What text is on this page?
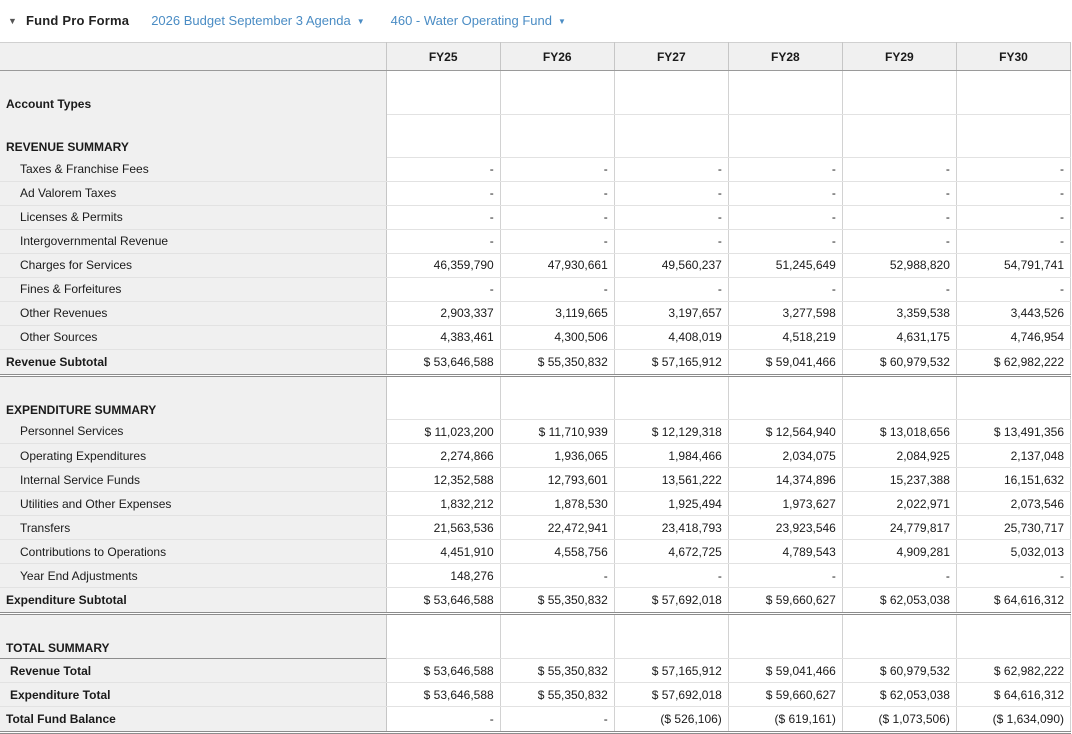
▼ Fund Pro Forma 2026 Budget September 3 Agenda ▼ 460 - Water Operating Fund ▼
	FY25	FY26	FY27	FY28	FY29	FY30
Account Types						
REVENUE SUMMARY						
Taxes & Franchise Fees	-	-	-	-	-	-
Ad Valorem Taxes	-	-	-	-	-	-
Licenses & Permits	-	-	-	-	-	-
Intergovernmental Revenue	-	-	-	-	-	-
Charges for Services	46,359,790	47,930,661	49,560,237	51,245,649	52,988,820	54,791,741
Fines & Forfeitures	-	-	-	-	-	-
Other Revenues	2,903,337	3,119,665	3,197,657	3,277,598	3,359,538	3,443,526
Other Sources	4,383,461	4,300,506	4,408,019	4,518,219	4,631,175	4,746,954
Revenue Subtotal	$ 53,646,588	$ 55,350,832	$ 57,165,912	$ 59,041,466	$ 60,979,532	$ 62,982,222
EXPENDITURE SUMMARY						
Personnel Services	$ 11,023,200	$ 11,710,939	$ 12,129,318	$ 12,564,940	$ 13,018,656	$ 13,491,356
Operating Expenditures	2,274,866	1,936,065	1,984,466	2,034,075	2,084,925	2,137,048
Internal Service Funds	12,352,588	12,793,601	13,561,222	14,374,896	15,237,388	16,151,632
Utilities and Other Expenses	1,832,212	1,878,530	1,925,494	1,973,627	2,022,971	2,073,546
Transfers	21,563,536	22,472,941	23,418,793	23,923,546	24,779,817	25,730,717
Contributions to Operations	4,451,910	4,558,756	4,672,725	4,789,543	4,909,281	5,032,013
Year End Adjustments	148,276	-	-	-	-	-
Expenditure Subtotal	$ 53,646,588	$ 55,350,832	$ 57,692,018	$ 59,660,627	$ 62,053,038	$ 64,616,312
TOTAL SUMMARY						
Revenue Total	$ 53,646,588	$ 55,350,832	$ 57,165,912	$ 59,041,466	$ 60,979,532	$ 62,982,222
Expenditure Total	$ 53,646,588	$ 55,350,832	$ 57,692,018	$ 59,660,627	$ 62,053,038	$ 64,616,312
Total Fund Balance	-	-	($ 526,106)	($ 619,161)	($ 1,073,506)	($ 1,634,090)
